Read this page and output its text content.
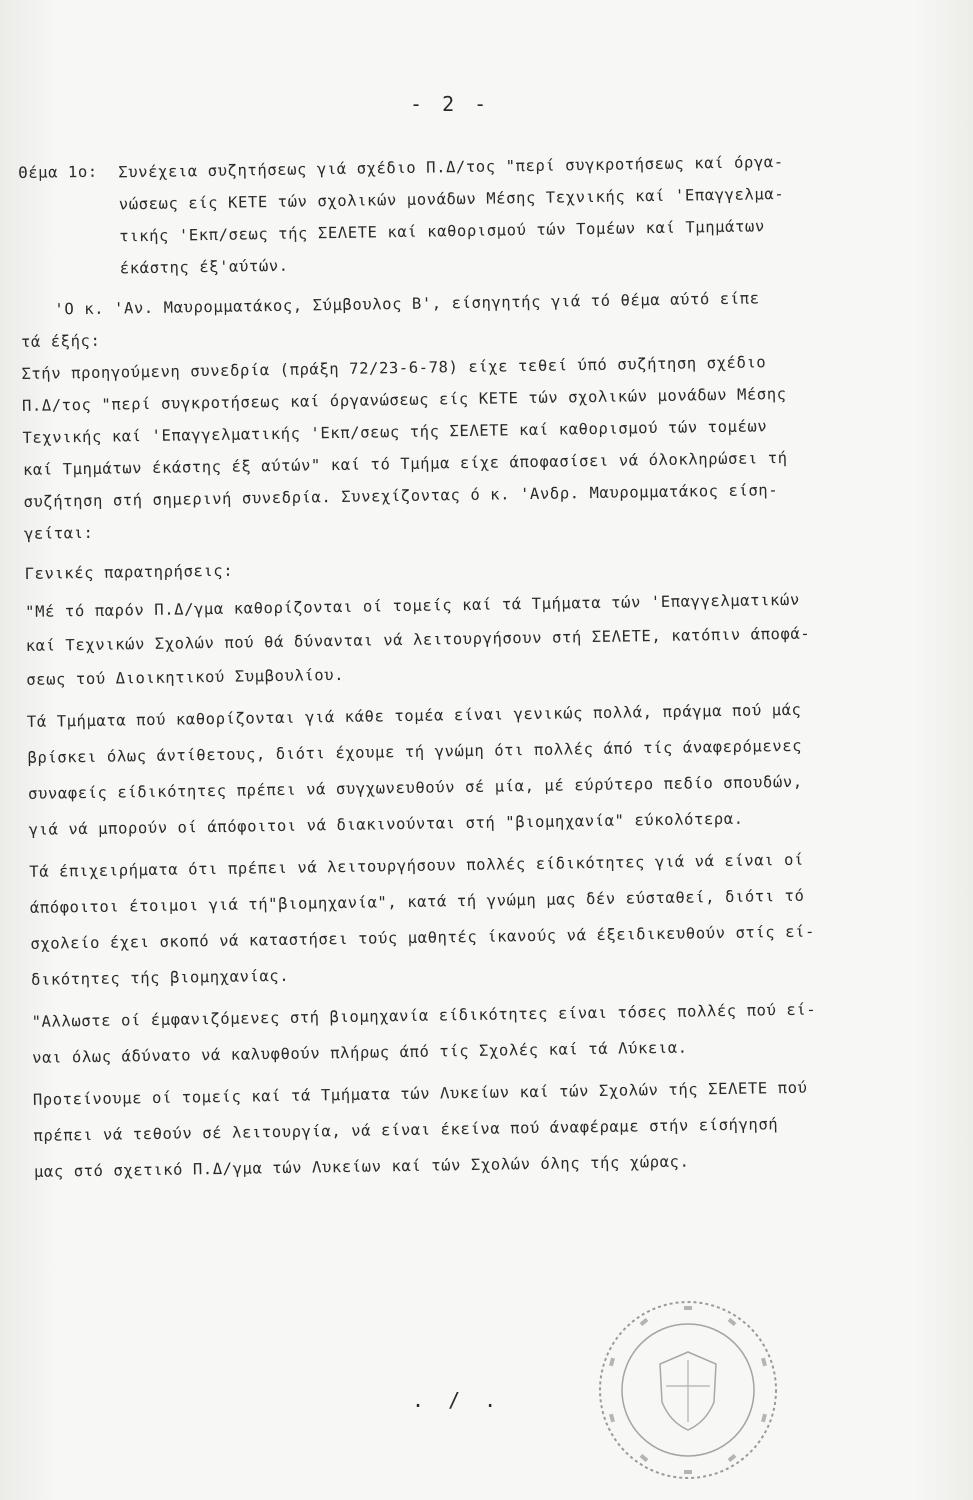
- 2 -
Θέμα 1ο: Συνέχεια συζητήσεως γιά σχέδιο Π.Δ/τος "περί συγκροτήσεως καί όργα-
νώσεως είς ΚΕΤΕ τών σχολικών μονάδων Μέσης Τεχνικής καί 'Επαγγελμα-
τικής 'Εκπ/σεως τής ΣΕΛΕΤΕ καί καθορισμού τών Τομέων καί Τμημάτων
έκάστης έξ'αύτών.
'Ο κ. 'Αν. Μαυρομματάκος, Σύμβουλος Β', είσηγητής γιά τό θέμα αύτό είπε
τά έξής:
Στήν προηγούμενη συνεδρία (πράξη 72/23-6-78) είχε τεθεί ύπό συζήτηση σχέδιο
Π.Δ/τος "περί συγκροτήσεως καί όργανώσεως είς ΚΕΤΕ τών σχολικών μονάδων Μέσης
Τεχνικής καί 'Επαγγελματικής 'Εκπ/σεως τής ΣΕΛΕΤΕ καί καθορισμού τών τομέων
καί Τμημάτων έκάστης έξ αύτών" καί τό Τμήμα είχε άποφασίσει νά όλοκληρώσει τή
συζήτηση στή σημερινή συνεδρία. Συνεχίζοντας ό κ. 'Ανδρ. Μαυρομματάκος είση-
γείται:
Γενικές παρατηρήσεις:
"Μέ τό παρόν Π.Δ/γμα καθορίζονται οί τομείς καί τά Τμήματα τών 'Επαγγελματικών
καί Τεχνικών Σχολών πού θά δύνανται νά λειτουργήσουν στή ΣΕΛΕΤΕ, κατόπιν άποφά-
σεως τού Διοικητικού Συμβουλίου.
Τά Τμήματα πού καθορίζονται γιά κάθε τομέα είναι γενικώς πολλά, πράγμα πού μάς
βρίσκει όλως άντίθετους, διότι έχουμε τή γνώμη ότι πολλές άπό τίς άναφερόμενες
συναφείς είδικότητες πρέπει νά συγχωνευθούν σέ μία, μέ εύρύτερο πεδίο σπουδών,
γιά νά μπορούν οί άπόφοιτοι νά διακινούνται στή "βιομηχανία" εύκολότερα.
Τά έπιχειρήματα ότι πρέπει νά λειτουργήσουν πολλές είδικότητες γιά νά είναι οί
άπόφοιτοι έτοιμοι γιά τή"βιομηχανία", κατά τή γνώμη μας δέν εύσταθεί, διότι τό
σχολείο έχει σκοπό νά καταστήσει τούς μαθητές ίκανούς νά έξειδικευθούν στίς εί-
δικότητες τής βιομηχανίας.
"Αλλωστε οί έμφανιζόμενες στή βιομηχανία είδικότητες είναι τόσες πολλές πού εί-
ναι όλως άδύνατο νά καλυφθούν πλήρως άπό τίς Σχολές καί τά Λύκεια.
Προτείνουμε οί τομείς καί τά Τμήματα τών Λυκείων καί τών Σχολών τής ΣΕΛΕΤΕ πού
πρέπει νά τεθούν σέ λειτουργία, νά είναι έκείνα πού άναφέραμε στήν είσήγησή
μας στό σχετικό Π.Δ/γμα τών Λυκείων καί τών Σχολών όλης τής χώρας.
. / .
